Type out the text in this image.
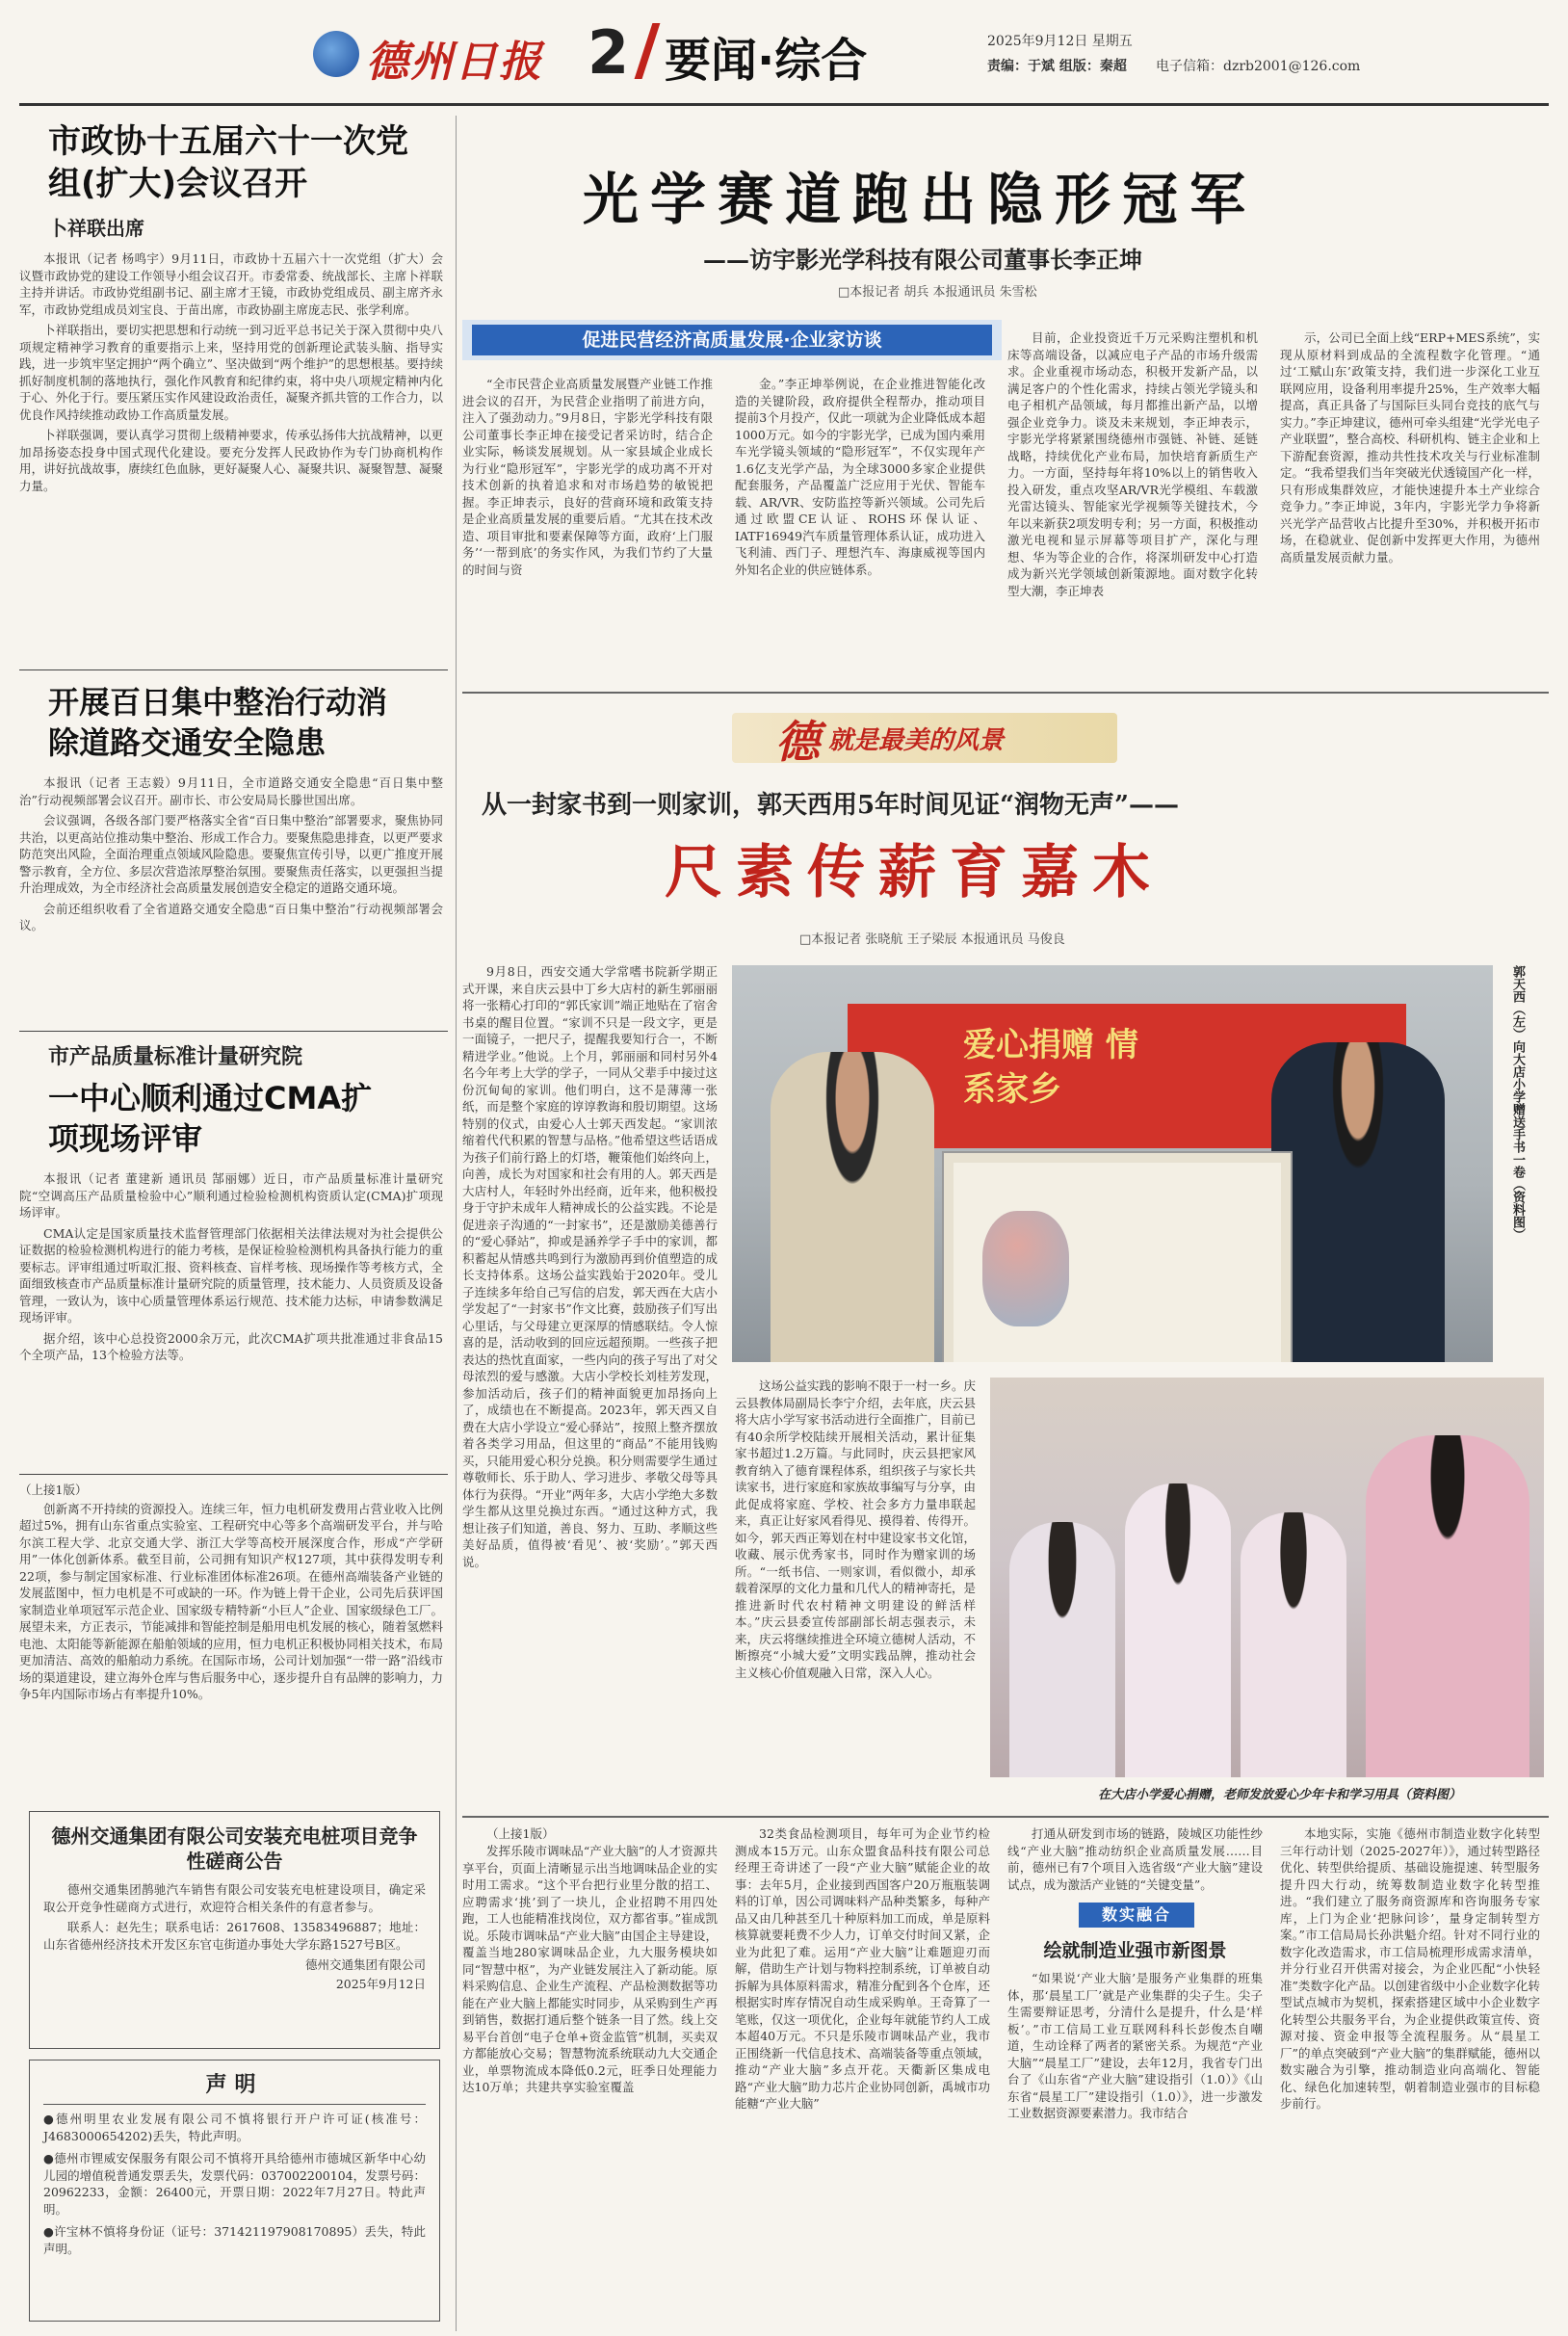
德州日报 2 要闻·综合	2025年9月12日 星期五
责编：于斌 组版：秦超 电子信箱：dzrb2001@126.com
市政协十五届六十一次党组(扩大)会议召开
卜祥联出席

本报讯（记者 杨鸣宇）9月11日，市政协十五届六十一次党组（扩大）会议暨市政协党的建设工作领导小组会议召开。市委常委、统战部长、主席卜祥联主持并讲话。市政协党组副书记、副主席才王镜，市政协党组成员、副主席齐永军，市政协党组成员刘宝良、于苗出席，市政协副主席庞志民、张学利席。

卜祥联指出，要切实把思想和行动统一到习近平总书记关于深入贯彻中央八项规定精神学习教育的重要指示上来，坚持用党的创新理论武装头脑、指导实践，进一步筑牢坚定拥护“两个确立”、坚决做到“两个维护”的思想根基。要持续抓好制度机制的落地执行，强化作风教育和纪律约束，将中央八项规定精神内化于心、外化于行。要压紧压实作风建设政治责任，凝聚齐抓共管的工作合力，以优良作风持续推动政协工作高质量发展。

卜祥联强调，要认真学习贯彻上级精神要求，传承弘扬伟大抗战精神，以更加昂扬姿态投身中国式现代化建设。要充分发挥人民政协作为专门协商机构作用，讲好抗战故事，赓续红色血脉，更好凝聚人心、凝聚共识、凝聚智慧、凝聚力量。

开展百日集中整治行动消除道路交通安全隐患

本报讯（记者 王志毅）9月11日，全市道路交通安全隐患“百日集中整治”行动视频部署会议召开。副市长、市公安局局长滕世国出席。

会议强调，各级各部门要严格落实全省“百日集中整治”部署要求，聚焦协同共治，以更高站位推动集中整治、形成工作合力。要聚焦隐患排查，以更严要求防范突出风险，全面治理重点领域风险隐患。要聚焦宣传引导，以更广推度开展警示教育，全方位、多层次营造浓厚整治氛围。要聚焦责任落实，以更强担当提升治理成效，为全市经济社会高质量发展创造安全稳定的道路交通环境。

会前还组织收看了全省道路交通安全隐患“百日集中整治”行动视频部署会议。

市产品质量标准计量研究院
一中心顺利通过CMA扩项现场评审

本报讯（记者 董建新 通讯员 郜丽娜）近日，市产品质量标准计量研究院“空调高压产品质量检验中心”顺利通过检验检测机构资质认定(CMA)扩项现场评审。

CMA认定是国家质量技术监督管理部门依据相关法律法规对为社会提供公证数据的检验检测机构进行的能力考核，是保证检验检测机构具备执行能力的重要标志。评审组通过听取汇报、资料核查、盲样考核、现场操作等考核方式，全面细致核查市产品质量标准计量研究院的质量管理，技术能力、人员资质及设备管理，一致认为，该中心质量管理体系运行规范、技术能力达标，申请参数满足现场评审。

据介绍，该中心总投资2000余万元，此次CMA扩项共批准通过非食品15个全项产品，13个检验方法等。

（上接1版）

创新离不开持续的资源投入。连续三年，恒力电机研发费用占营业收入比例超过5%，拥有山东省重点实验室、工程研究中心等多个高端研发平台，并与哈尔滨工程大学、北京交通大学、浙江大学等高校开展深度合作，形成“产学研用”一体化创新体系。截至目前，公司拥有知识产权127项，其中获得发明专利22项，参与制定国家标准、行业标准团体标准26项。在德州高端装备产业链的发展蓝图中，恒力电机是不可或缺的一环。作为链上骨干企业，公司先后获评国家制造业单项冠军示范企业、国家级专精特新“小巨人”企业、国家级绿色工厂。展望未来，方正表示，节能减排和智能控制是船用电机发展的核心，随着氢燃料电池、太阳能等新能源在船舶领域的应用，恒力电机正积极协同相关技术，布局更加清洁、高效的船舶动力系统。在国际市场，公司计划加强“一带一路”沿线市场的渠道建设，建立海外仓库与售后服务中心，逐步提升自有品牌的影响力，力争5年内国际市场占有率提升10%。

德州交通集团有限公司安装充电桩项目竞争性磋商公告

德州交通集团鹊驰汽车销售有限公司安装充电桩建设项目，确定采取公开竞争性磋商方式进行，欢迎符合相关条件的有意者参与。

联系人：赵先生；联系电话：2617608、13583496887；地址：山东省德州经济技术开发区东官屯街道办事处大学东路1527号B区。

德州交通集团有限公司
2025年9月12日
声明

●德州明里农业发展有限公司不慎将银行开户许可证(核准号：J4683000654202)丢失，特此声明。

●德州市锂威安保服务有限公司不慎将开具给德州市德城区新华中心幼儿园的增值税普通发票丢失，发票代码：037002200104，发票号码：20962233，金额：26400元，开票日期：2022年7月27日。特此声明。

●许宝林不慎将身份证（证号：371421197908170895）丢失，特此声明。

光学赛道跑出隐形冠军
——访宇影光学科技有限公司董事长李正坤
□本报记者 胡兵 本报通讯员 朱雪松
促进民营经济高质量发展·企业家访谈

“全市民营企业高质量发展暨产业链工作推进会议的召开，为民营企业指明了前进方向，注入了强劲动力。”9月8日，宇影光学科技有限公司董事长李正坤在接受记者采访时，结合企业实际，畅谈发展规划。从一家县域企业成长为行业“隐形冠军”，宇影光学的成功离不开对技术创新的执着追求和对市场趋势的敏锐把握。李正坤表示，良好的营商环境和政策支持是企业高质量发展的重要后盾。“尤其在技术改造、项目审批和要素保障等方面，政府‘上门服务’‘一帮到底’的务实作风，为我们节约了大量的时间与资

金。”李正坤举例说，在企业推进智能化改造的关键阶段，政府提供全程帮办，推动项目提前3个月投产，仅此一项就为企业降低成本超1000万元。如今的宇影光学，已成为国内乘用车光学镜头领域的“隐形冠军”，不仅实现年产1.6亿支光学产品，为全球3000多家企业提供配套服务，产品覆盖广泛应用于光伏、智能车载、AR/VR、安防监控等新兴领域。公司先后通过欧盟CE认证、ROHS环保认证、IATF16949汽车质量管理体系认证，成功进入飞利浦、西门子、理想汽车、海康威视等国内外知名企业的供应链体系。

目前，企业投资近千万元采购注塑机和机床等高端设备，以减应电子产品的市场升级需求。企业重视市场动态，积极开发新产品，以满足客户的个性化需求，持续占领光学镜头和电子相机产品领域，每月都推出新产品，以增强企业竞争力。谈及未来规划，李正坤表示，宇影光学将紧紧围绕德州市强链、补链、延链战略，持续优化产业布局，加快培育新质生产力。一方面，坚持每年将10%以上的销售收入投入研发，重点攻坚AR/VR光学模组、车载激光雷达镜头、智能家光学视频等关键技术，今年以来新获2项发明专利；另一方面，积极推动激光电视和显示屏幕等项目扩产，深化与理想、华为等企业的合作，将深圳研发中心打造成为新兴光学领域创新策源地。面对数字化转型大潮，李正坤表

示，公司已全面上线“ERP+MES系统”，实现从原材料到成品的全流程数字化管理。“通过‘工赋山东’政策支持，我们进一步深化工业互联网应用，设备利用率提升25%，生产效率大幅提高，真正具备了与国际巨头同台竞技的底气与实力。”李正坤建议，德州可牵头组建“光学光电子产业联盟”，整合高校、科研机构、链主企业和上下游配套资源，推动共性技术攻关与行业标准制定。“我希望我们当年突破光伏透镜国产化一样，只有形成集群效应，才能快速提升本土产业综合竞争力。”李正坤说，3年内，宇影光学力争将新兴光学产品营收占比提升至30%，并积极开拓市场，在稳就业、促创新中发挥更大作用，为德州高质量发展贡献力量。

德 就是最美的风景
从一封家书到一则家训，郭天西用5年时间见证“润物无声”——
尺素传薪育嘉木
□本报记者 张晓航 王子梁辰 本报通讯员 马俊良

9月8日，西安交通大学常嗜书院新学期正式开课，来自庆云县中丁乡大店村的新生郭丽丽将一张精心打印的“郭氏家训”端正地贴在了宿舍书桌的醒目位置。“家训不只是一段文字，更是一面镜子，一把尺子，提醒我要知行合一，不断精进学业。”他说。上个月，郭丽丽和同村另外4名今年考上大学的学子，一同从父辈手中接过这份沉甸甸的家训。他们明白，这不是薄薄一张纸，而是整个家庭的谆谆教诲和殷切期望。这场特别的仪式，由爱心人士郭天西发起。“家训浓缩着代代积累的智慧与品格。”他希望这些话语成为孩子们前行路上的灯塔，鞭策他们始终向上，向善，成长为对国家和社会有用的人。郭天西是大店村人，年轻时外出经商，近年来，他积极投身于守护未成年人精神成长的公益实践。不论是促进亲子沟通的“一封家书”，还是激励美德善行的“爱心驿站”，抑或是涵养学子手中的家训，都积蓄起从情感共鸣到行为激励再到价值塑造的成长支持体系。这场公益实践始于2020年。受儿子连续多年给自己写信的启发，郭天西在大店小学发起了“一封家书”作文比赛，鼓励孩子们写出心里话，与父母建立更深厚的情感联结。令人惊喜的是，活动收到的回应远超预期。一些孩子把表达的热忱直面家，一些内向的孩子写出了对父母浓烈的爱与感激。大店小学校长刘桂芳发现，参加活动后，孩子们的精神面貌更加昂扬向上了，成绩也在不断提高。2023年，郭天西又自费在大店小学设立“爱心驿站”，按照上整齐摆放着各类学习用品，但这里的“商品”不能用钱购买，只能用爱心积分兑换。积分则需要学生通过尊敬师长、乐于助人、学习进步、孝敬父母等具体行为获得。“开业”两年多，大店小学绝大多数学生都从这里兑换过东西。“通过这种方式，我想让孩子们知道，善良、努力、互助、孝顺这些美好品质，值得被‘看见’、被‘奖励’。”郭天西说。

爱心捐赠 情系家乡	郭天西（左）向大店小学赠送手书一卷（资料图）

这场公益实践的影响不限于一村一乡。庆云县教体局副局长李宁介绍，去年底，庆云县将大店小学写家书活动进行全面推广，目前已有40余所学校陆续开展相关活动，累计征集家书超过1.2万篇。与此同时，庆云县把家风教育纳入了德育课程体系，组织孩子与家长共读家书，进行家庭和家族故事编写与分享，由此促成将家庭、学校、社会多方力量串联起来，真正让好家风看得见、摸得着、传得开。如今，郭天西正筹划在村中建设家书文化馆，收藏、展示优秀家书，同时作为赠家训的场所。“一纸书信、一则家训，看似微小，却承载着深厚的文化力量和几代人的精神寄托，是推进新时代农村精神文明建设的鲜活样本。”庆云县委宣传部副部长胡志强表示，未来，庆云将继续推进全环境立德树人活动，不断擦亮“小城大爱”文明实践品牌，推动社会主义核心价值观融入日常，深入人心。

在大店小学爱心捐赠，老师发放爱心少年卡和学习用具（资料图）
（上接1版）

发挥乐陵市调味品“产业大脑”的人才资源共享平台，页面上清晰显示出当地调味品企业的实时用工需求。“这个平台把行业里分散的招工、应聘需求‘挑’到了一块儿，企业招聘不用四处跑，工人也能精准找岗位，双方都省事。”崔成凯说。乐陵市调味品“产业大脑”由国企主导建设，覆盖当地280家调味品企业，九大服务模块如同“智慧中枢”，为产业链发展注入了新动能。原料采购信息、企业生产流程、产品检测数据等功能在产业大脑上都能实时同步，从采购到生产再到销售，数据打通后整个链条一目了然。线上交易平台首创“电子仓单+资金监管”机制，买卖双方都能放心交易；智慧物流系统联动九大交通企业，单票物流成本降低0.2元，旺季日处理能力达10万单；共建共享实验室覆盖

32类食品检测项目，每年可为企业节约检测成本15万元。山东众盟食品科技有限公司总经理王奇讲述了一段“产业大脑”赋能企业的故事：去年5月，企业接到西国客户20万瓶瓶装调料的订单，因公司调味料产品种类繁多，每种产品又由几种甚至几十种原料加工而成，单是原料核算就要耗费不少人力，订单交付时间又紧，企业为此犯了难。运用“产业大脑”让难题迎刃而解，借助生产计划与物料控制系统，订单被自动拆解为具体原料需求，精准分配到各个仓库，还根据实时库存情况自动生成采购单。王奇算了一笔账，仅这一项优化，企业每年就能节约人工成本超40万元。不只是乐陵市调味品产业，我市正围绕新一代信息技术、高端装备等重点领域，推动“产业大脑”多点开花。天衢新区集成电路“产业大脑”助力芯片企业协同创新，禹城市功能糖“产业大脑”

打通从研发到市场的链路，陵城区功能性纱线“产业大脑”推动纺织企业高质量发展……目前，德州已有7个项目入选省级“产业大脑”建设试点，成为激活产业链的“关键变量”。

数实融合
绘就制造业强市新图景

“如果说‘产业大脑’是服务产业集群的班集体，那‘晨星工厂’就是产业集群的尖子生。尖子生需要辩证思考，分清什么是提升，什么是‘样板’。”市工信局工业互联网科科长彭俊杰自嘲道，生动诠释了两者的紧密关系。为规范“产业大脑”“晨星工厂”建设，去年12月，我省专门出台了《山东省“产业大脑”建设指引（1.0）》《山东省“晨星工厂”建设指引（1.0）》，进一步激发工业数据资源要素潜力。我市结合

本地实际，实施《德州市制造业数字化转型三年行动计划（2025-2027年）》，通过转型路径优化、转型供给提质、基础设施提速、转型服务提升四大行动，统筹数制造业数字化转型推进。“我们建立了服务商资源库和咨询服务专家库，上门为企业‘把脉问诊’，量身定制转型方案。”市工信局局长孙洪魁介绍。针对不同行业的数字化改造需求，市工信局梳理形成需求清单，并分行业召开供需对接会，为企业匹配“小快轻准”类数字化产品。以创建省级中小企业数字化转型试点城市为契机，探索搭建区域中小企业数字化转型公共服务平台，为企业提供政策宣传、资源对接、资金申报等全流程服务。从“晨星工厂”的单点突破到“产业大脑”的集群赋能，德州以数实融合为引擎，推动制造业向高端化、智能化、绿色化加速转型，朝着制造业强市的目标稳步前行。
